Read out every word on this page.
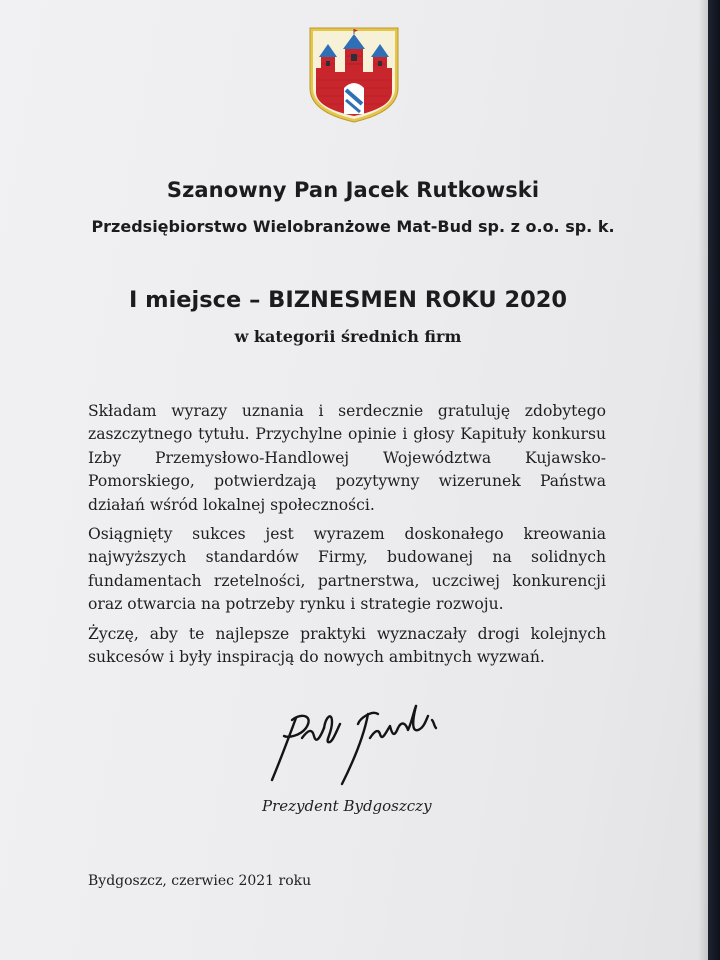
Szanowny Pan Jacek Rutkowski
Przedsiębiorstwo Wielobranżowe Mat-Bud sp. z o.o. sp. k.
I miejsce – BIZNESMEN ROKU 2020
w kategorii średnich firm

Składam wyrazy uznania i serdecznie gratuluję zdobytego zaszczytnego tytułu. Przychylne opinie i głosy Kapituły konkursu Izby Przemysłowo-Handlowej Województwa Kujawsko-Pomorskiego, potwierdzają pozytywny wizerunek Państwa działań wśród lokalnej społeczności.

Osiągnięty sukces jest wyrazem doskonałego kreowania najwyższych standardów Firmy, budowanej na solidnych fundamentach rzetelności, partnerstwa, uczciwej konkurencji oraz otwarcia na potrzeby rynku i strategie rozwoju.

Życzę, aby te najlepsze praktyki wyznaczały drogi kolejnych sukcesów i były inspiracją do nowych ambitnych wyzwań.

Prezydent Bydgoszczy
Bydgoszcz, czerwiec 2021 roku
